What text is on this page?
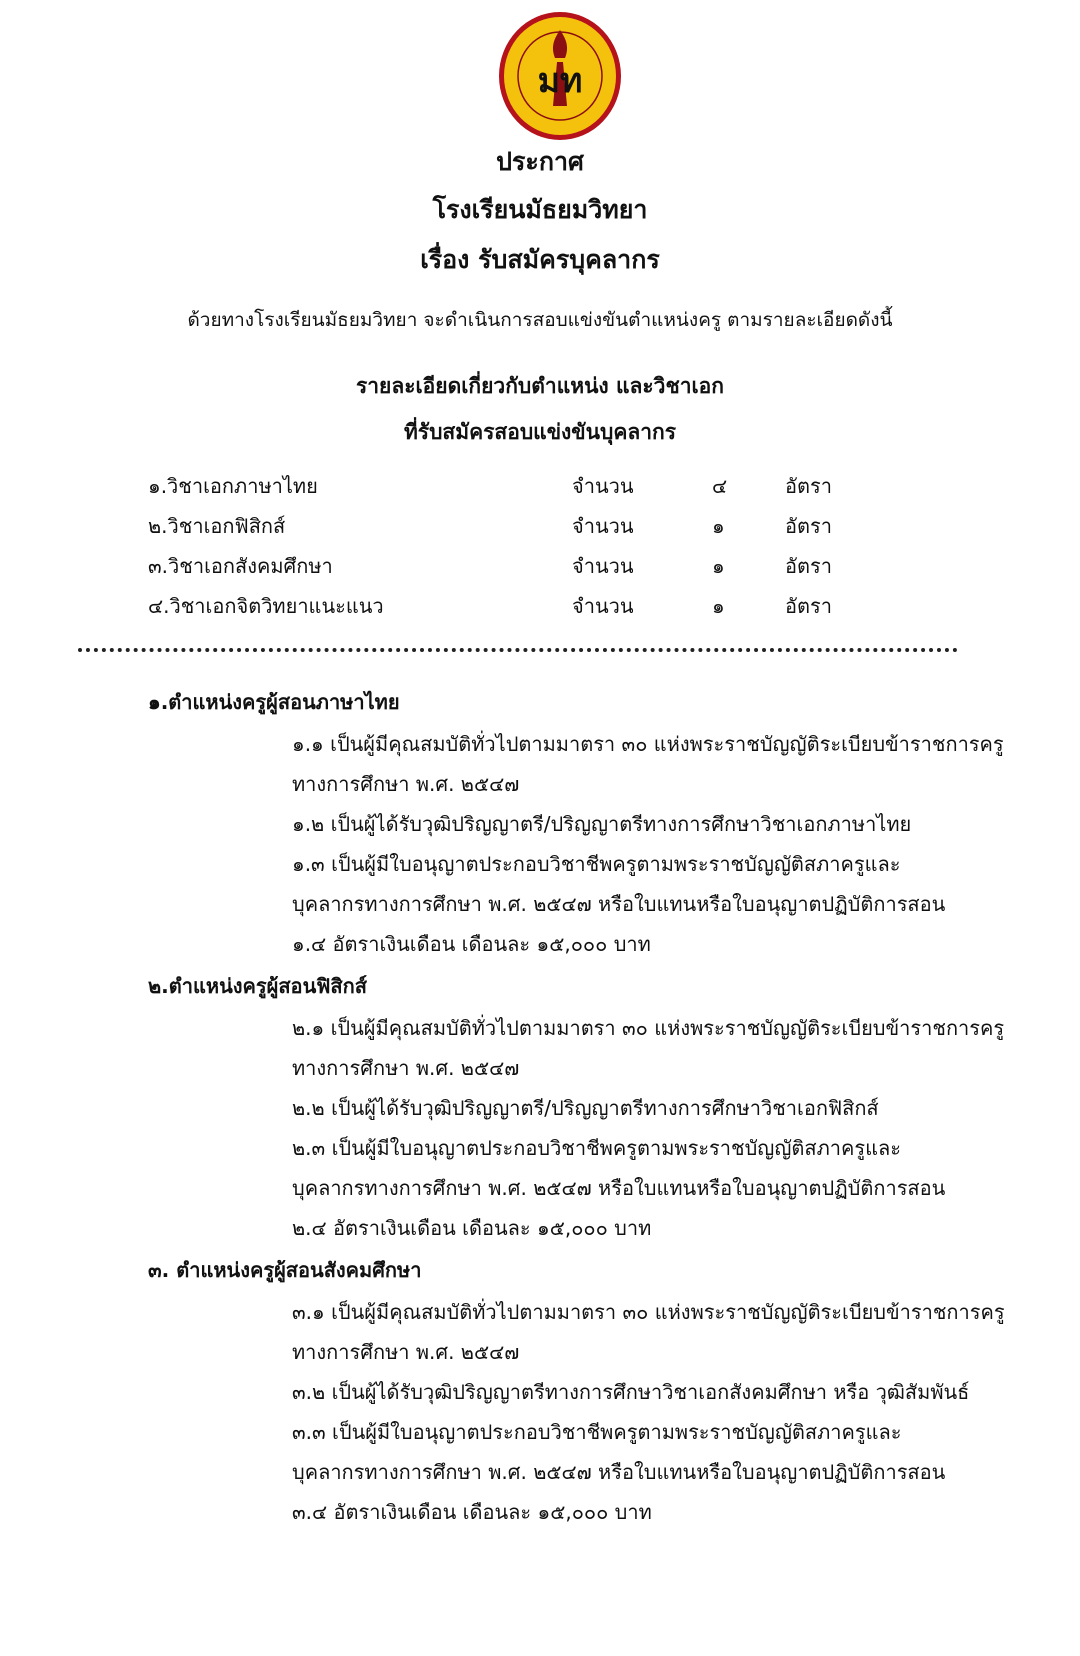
มท
ประกาศ
โรงเรียนมัธยมวิทยา
เรื่อง รับสมัครบุคลากร
ด้วยทางโรงเรียนมัธยมวิทยา จะดำเนินการสอบแข่งขันตำแหน่งครู ตามรายละเอียดดังนี้
รายละเอียดเกี่ยวกับตำแหน่ง และวิชาเอก
ที่รับสมัครสอบแข่งขันบุคลากร
๑.วิชาเอกภาษาไทย	จำนวน	๔	อัตรา
๒.วิชาเอกฟิสิกส์	จำนวน	๑	อัตรา
๓.วิชาเอกสังคมศึกษา	จำนวน	๑	อัตรา
๔.วิชาเอกจิตวิทยาแนะแนว	จำนวน	๑	อัตรา
๑.ตำแหน่งครูผู้สอนภาษาไทย
๑.๑ เป็นผู้มีคุณสมบัติทั่วไปตามมาตรา ๓๐ แห่งพระราชบัญญัติระเบียบข้าราชการครู
ทางการศึกษา พ.ศ. ๒๕๔๗
๑.๒ เป็นผู้ได้รับวุฒิปริญญาตรี/ปริญญาตรีทางการศึกษาวิชาเอกภาษาไทย
๑.๓ เป็นผู้มีใบอนุญาตประกอบวิชาชีพครูตามพระราชบัญญัติสภาครูและ
บุคลากรทางการศึกษา พ.ศ. ๒๕๔๗ หรือใบแทนหรือใบอนุญาตปฏิบัติการสอน
๑.๔ อัตราเงินเดือน เดือนละ ๑๕,๐๐๐ บาท
๒.ตำแหน่งครูผู้สอนฟิสิกส์
๒.๑ เป็นผู้มีคุณสมบัติทั่วไปตามมาตรา ๓๐ แห่งพระราชบัญญัติระเบียบข้าราชการครู
ทางการศึกษา พ.ศ. ๒๕๔๗
๒.๒ เป็นผู้ได้รับวุฒิปริญญาตรี/ปริญญาตรีทางการศึกษาวิชาเอกฟิสิกส์
๒.๓ เป็นผู้มีใบอนุญาตประกอบวิชาชีพครูตามพระราชบัญญัติสภาครูและ
บุคลากรทางการศึกษา พ.ศ. ๒๕๔๗ หรือใบแทนหรือใบอนุญาตปฏิบัติการสอน
๒.๔ อัตราเงินเดือน เดือนละ ๑๕,๐๐๐ บาท
๓. ตำแหน่งครูผู้สอนสังคมศึกษา
๓.๑ เป็นผู้มีคุณสมบัติทั่วไปตามมาตรา ๓๐ แห่งพระราชบัญญัติระเบียบข้าราชการครู
ทางการศึกษา พ.ศ. ๒๕๔๗
๓.๒ เป็นผู้ได้รับวุฒิปริญญาตรีทางการศึกษาวิชาเอกสังคมศึกษา หรือ วุฒิสัมพันธ์
๓.๓ เป็นผู้มีใบอนุญาตประกอบวิชาชีพครูตามพระราชบัญญัติสภาครูและ
บุคลากรทางการศึกษา พ.ศ. ๒๕๔๗ หรือใบแทนหรือใบอนุญาตปฏิบัติการสอน
๓.๔ อัตราเงินเดือน เดือนละ ๑๕,๐๐๐ บาท
